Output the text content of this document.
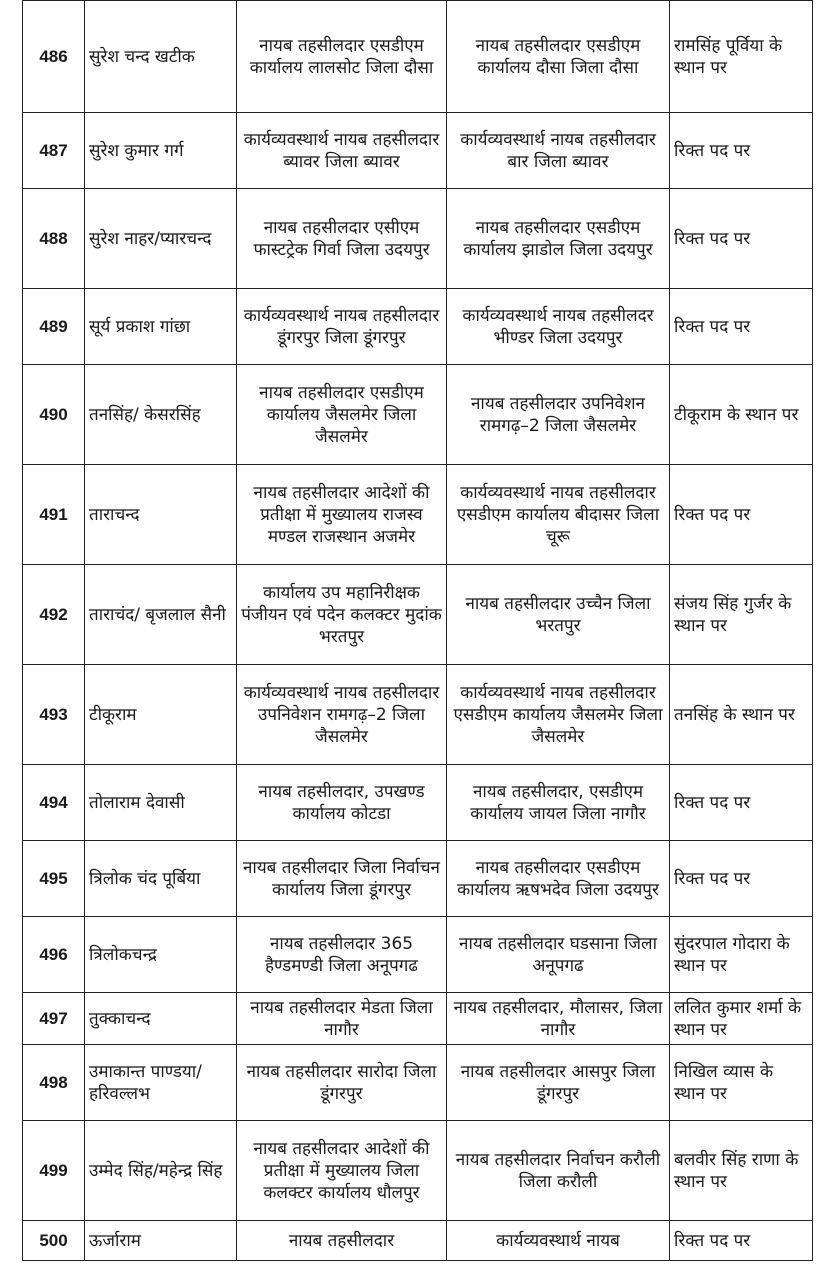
486	सुरेश चन्द खटीक	नायब तहसीलदार एसडीएम कार्यालय लालसोट जिला दौसा	नायब तहसीलदार एसडीएम कार्यालय दौसा जिला दौसा	रामसिंह पूर्विया के स्थान पर
487	सुरेश कुमार गर्ग	कार्यव्यवस्थार्थ नायब तहसीलदार ब्यावर जिला ब्यावर	कार्यव्यवस्थार्थ नायब तहसीलदार बार जिला ब्यावर	रिक्त पद पर
488	सुरेश नाहर/प्यारचन्द	नायब तहसीलदार एसीएम फास्टट्रेक गिर्वा जिला उदयपुर	नायब तहसीलदार एसडीएम कार्यालय झाडोल जिला उदयपुर	रिक्त पद पर
489	सूर्य प्रकाश गांछा	कार्यव्यवस्थार्थ नायब तहसीलदार डूंगरपुर जिला डूंगरपुर	कार्यव्यवस्थार्थ नायब तहसीलदर भीण्डर जिला उदयपुर	रिक्त पद पर
490	तनसिंह/ केसरसिंह	नायब तहसीलदार एसडीएम कार्यालय जैसलमेर जिला जैसलमेर	नायब तहसीलदार उपनिवेशन रामगढ़–2 जिला जैसलमेर	टीकूराम के स्थान पर
491	ताराचन्द	नायब तहसीलदार आदेशों की प्रतीक्षा में मुख्यालय राजस्व मण्डल राजस्थान अजमेर	कार्यव्यवस्थार्थ नायब तहसीलदार एसडीएम कार्यालय बीदासर जिला चूरू	रिक्त पद पर
492	ताराचंद/ बृजलाल सैनी	कार्यालय उप महानिरीक्षक पंजीयन एवं पदेन कलक्टर मुदांक भरतपुर	नायब तहसीलदार उच्चैन जिला भरतपुर	संजय सिंह गुर्जर के स्थान पर
493	टीकूराम	कार्यव्यवस्थार्थ नायब तहसीलदार उपनिवेशन रामगढ़–2 जिला जैसलमेर	कार्यव्यवस्थार्थ नायब तहसीलदार एसडीएम कार्यालय जैसलमेर जिला जैसलमेर	तनसिंह के स्थान पर
494	तोलाराम देवासी	नायब तहसीलदार, उपखण्ड कार्यालय कोटडा	नायब तहसीलदार, एसडीएम कार्यालय जायल जिला नागौर	रिक्त पद पर
495	त्रिलोक चंद पूर्बिया	नायब तहसीलदार जिला निर्वाचन कार्यालय जिला डूंगरपुर	नायब तहसीलदार एसडीएम कार्यालय ऋषभदेव जिला उदयपुर	रिक्त पद पर
496	त्रिलोकचन्द्र	नायब तहसीलदार 365 हैण्डमण्डी जिला अनूपगढ	नायब तहसीलदार घडसाना जिला अनूपगढ	सुंदरपाल गोदारा के स्थान पर
497	तुक्काचन्द	नायब तहसीलदार मेडता जिला नागौर	नायब तहसीलदार, मौलासर, जिला नागौर	ललित कुमार शर्मा के स्थान पर
498	उमाकान्त पाण्डया/ हरिवल्लभ	नायब तहसीलदार सारोदा जिला डूंगरपुर	नायब तहसीलदार आसपुर जिला डूंगरपुर	निखिल व्यास के स्थान पर
499	उम्मेद सिंह/महेन्द्र सिंह	नायब तहसीलदार आदेशों की प्रतीक्षा में मुख्यालय जिला कलक्टर कार्यालय धौलपुर	नायब तहसीलदार निर्वाचन करौली जिला करौली	बलवीर सिंह राणा के स्थान पर
500	ऊर्जाराम	नायब तहसीलदार	कार्यव्यवस्थार्थ नायब	रिक्त पद पर
